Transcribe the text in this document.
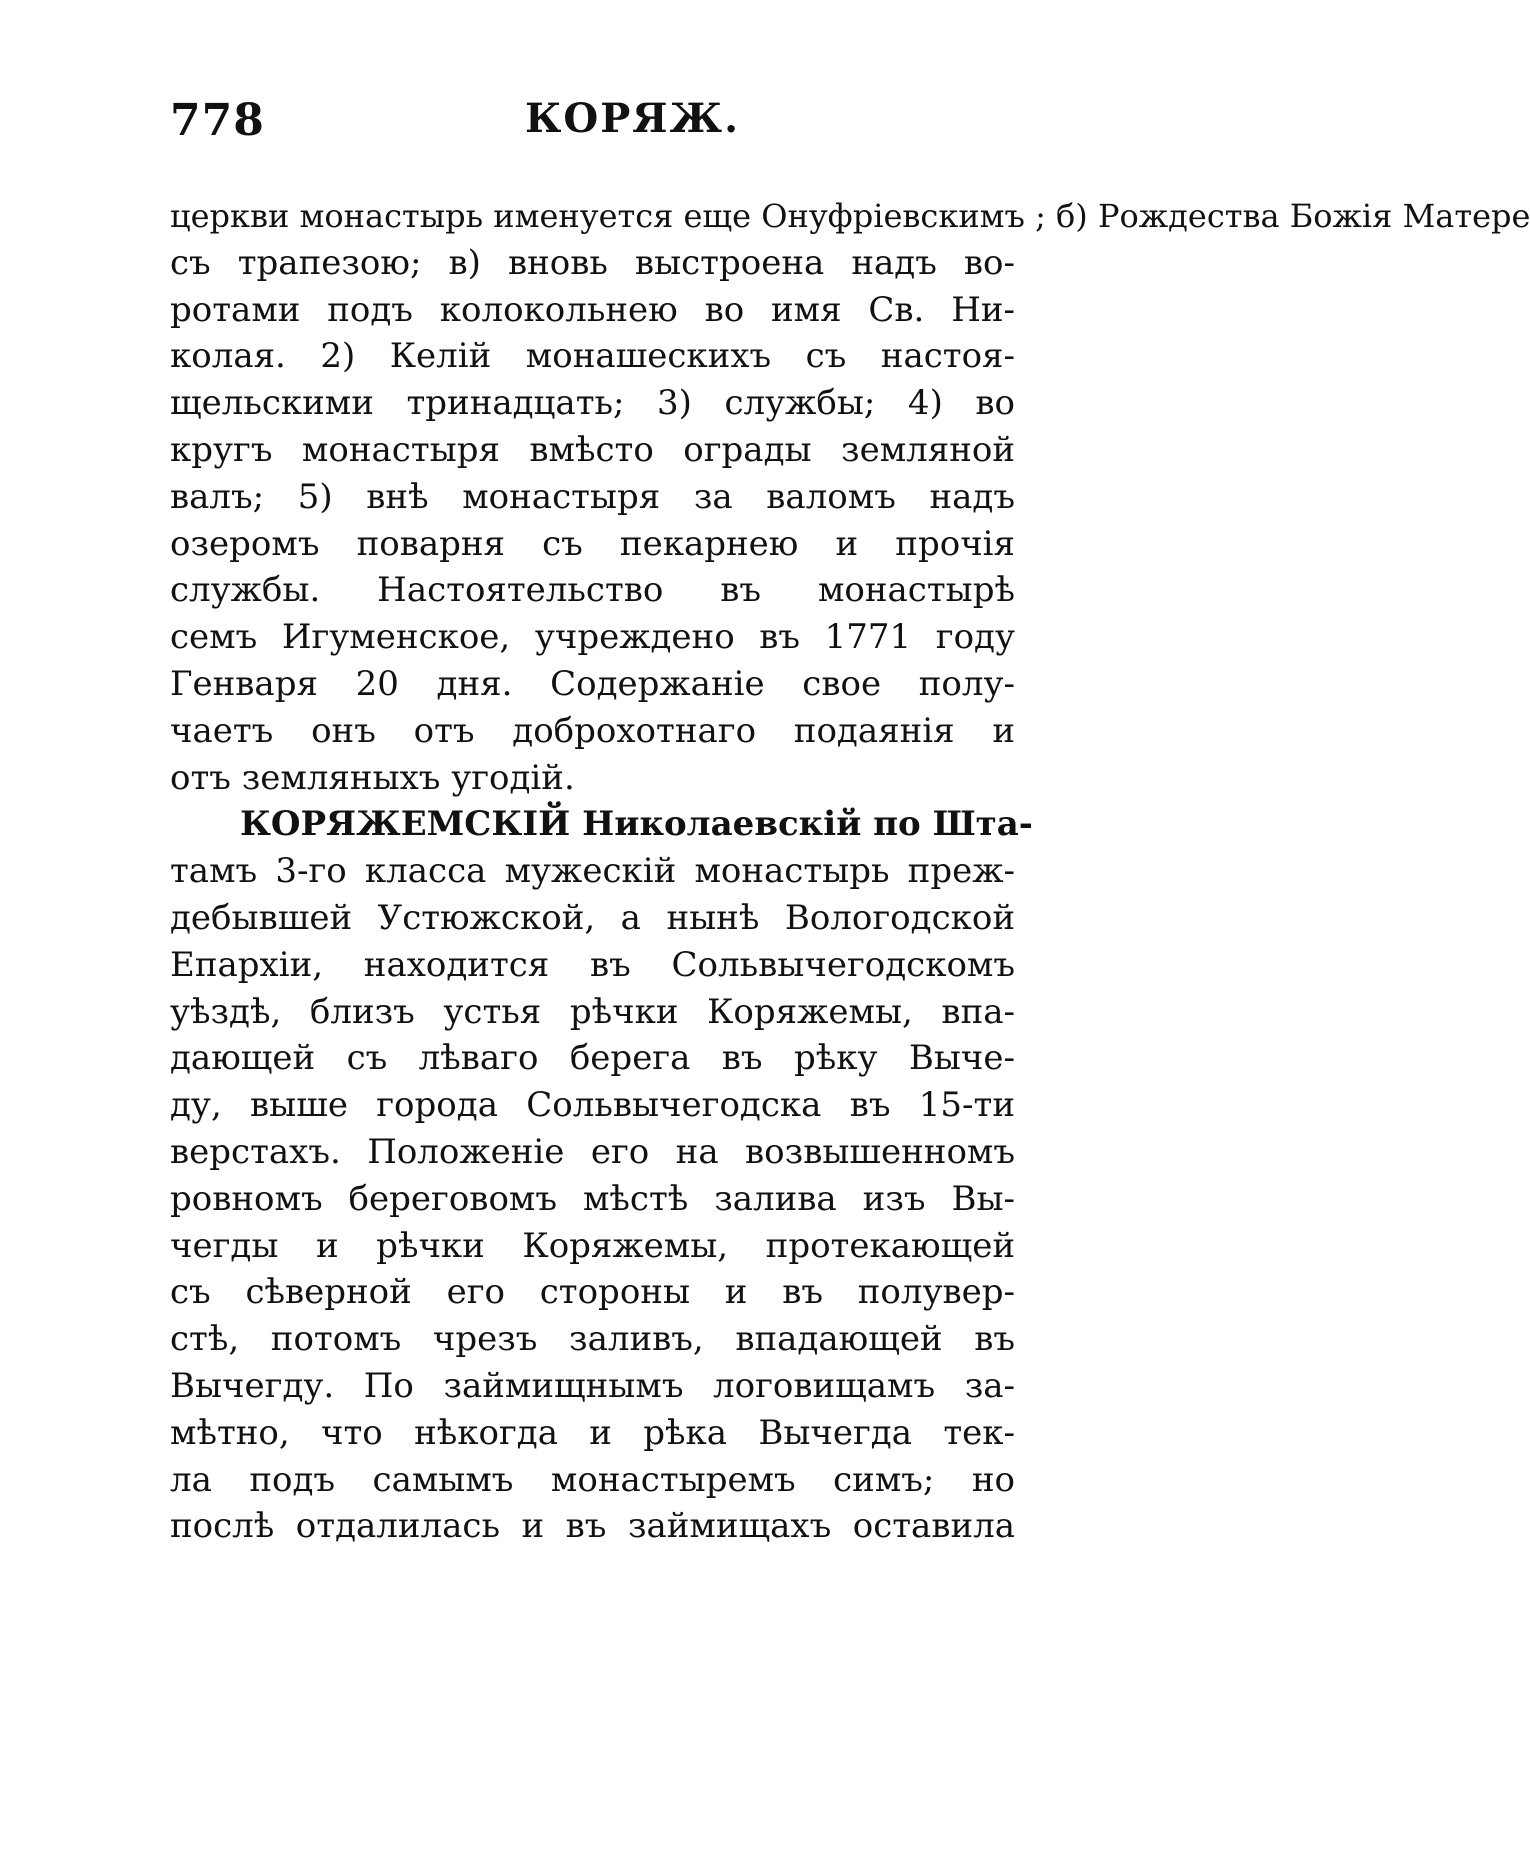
778	КОРЯЖ.
церкви монастырь именуется еще Онуфріевскимъ ; б) Рождества Божія Матере
съ трапезою; в) вновь выстроена надъ во-
ротами подъ колокольнею во имя Св. Ни-
колая. 2) Келій монашескихъ съ настоя-
щельскими тринадцать; 3) службы; 4) во
кругъ монастыря вмѣсто ограды земляной
валъ; 5) внѣ монастыря за валомъ надъ
озеромъ поварня съ пекарнею и прочія
службы. Настоятельство въ монастырѣ
семъ Игуменское, учреждено въ 1771 году
Генваря 20 дня. Содержаніе свое полу-
чаетъ онъ отъ доброхотнаго подаянія и
отъ земляныхъ угодій.
КОРЯЖЕМСКІЙ Николаевскій по Шта-
тамъ 3-го класса мужескій монастырь преж-
дебывшей Устюжской, а нынѣ Вологодской
Епархіи, находится въ Сольвычегодскомъ
уѣздѣ, близъ устья рѣчки Коряжемы, впа-
дающей съ лѣваго берега въ рѣку Выче-
ду, выше города Сольвычегодска въ 15-ти
верстахъ. Положеніе его на возвышенномъ
ровномъ береговомъ мѣстѣ залива изъ Вы-
чегды и рѣчки Коряжемы, протекающей
съ сѣверной его стороны и въ полувер-
стѣ, потомъ чрезъ заливъ, впадающей въ
Вычегду. По займищнымъ логовищамъ за-
мѣтно, что нѣкогда и рѣка Вычегда тек-
ла подъ самымъ монастыремъ симъ; но
послѣ отдалилась и въ займищахъ оставила
